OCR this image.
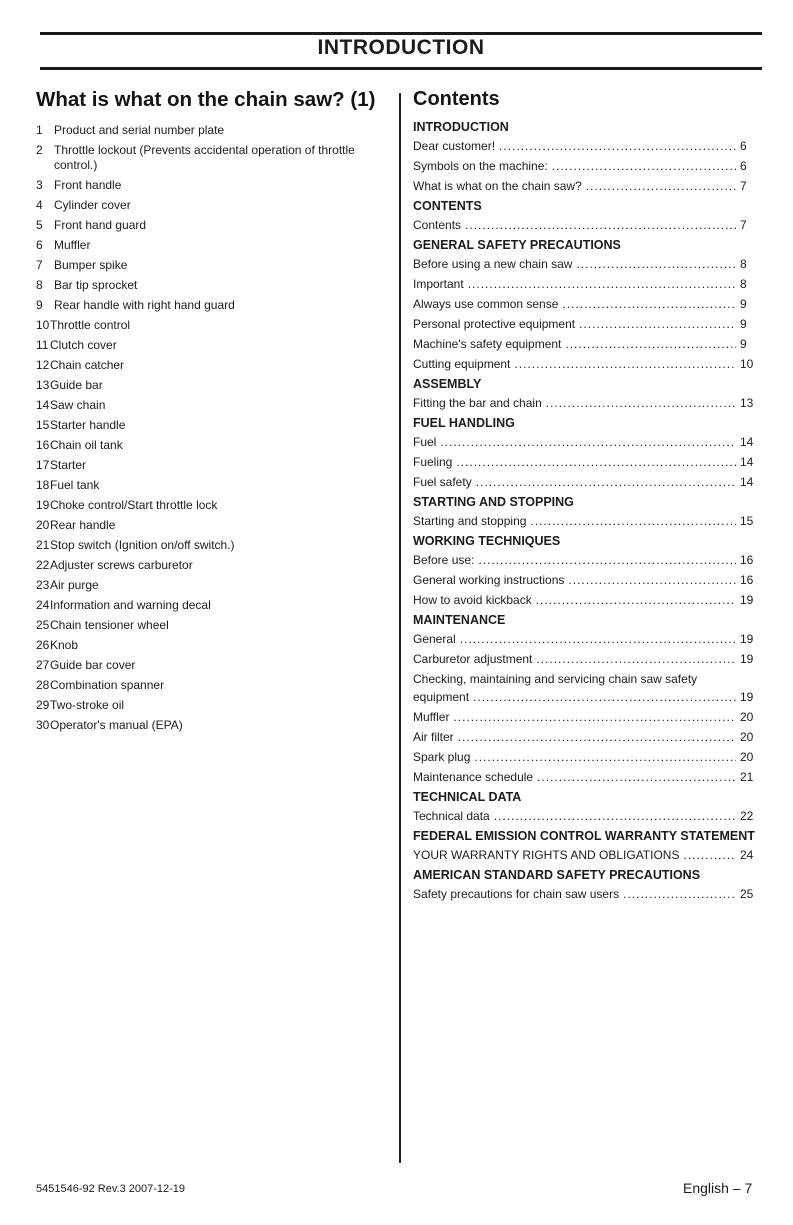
INTRODUCTION
What is what on the chain saw? (1)
1 Product and serial number plate
2 Throttle lockout (Prevents accidental operation of throttle control.)
3 Front handle
4 Cylinder cover
5 Front hand guard
6 Muffler
7 Bumper spike
8 Bar tip sprocket
9 Rear handle with right hand guard
10 Throttle control
11 Clutch cover
12 Chain catcher
13 Guide bar
14 Saw chain
15 Starter handle
16 Chain oil tank
17 Starter
18 Fuel tank
19 Choke control/Start throttle lock
20 Rear handle
21 Stop switch (Ignition on/off switch.)
22 Adjuster screws carburetor
23 Air purge
24 Information and warning decal
25 Chain tensioner wheel
26 Knob
27 Guide bar cover
28 Combination spanner
29 Two-stroke oil
30 Operator's manual (EPA)
Contents
INTRODUCTION
Dear customer! .....	6
Symbols on the machine: .....	6
What is what on the chain saw? .....	7
CONTENTS
Contents .....	7
GENERAL SAFETY PRECAUTIONS
Before using a new chain saw .....	8
Important .....	8
Always use common sense .....	9
Personal protective equipment .....	9
Machine's safety equipment .....	9
Cutting equipment .....	10
ASSEMBLY
Fitting the bar and chain .....	13
FUEL HANDLING
Fuel .....	14
Fueling .....	14
Fuel safety .....	14
STARTING AND STOPPING
Starting and stopping .....	15
WORKING TECHNIQUES
Before use: .....	16
General working instructions .....	16
How to avoid kickback .....	19
MAINTENANCE
General .....	19
Carburetor adjustment .....	19
Checking, maintaining and servicing chain saw safety
equipment .....	19
Muffler .....	20
Air filter .....	20
Spark plug .....	20
Maintenance schedule .....	21
TECHNICAL DATA
Technical data .....	22
FEDERAL EMISSION CONTROL WARRANTY STATEMENT
YOUR WARRANTY RIGHTS AND OBLIGATIONS .....	24
AMERICAN STANDARD SAFETY PRECAUTIONS
Safety precautions for chain saw users .....	25
5451546-92 Rev.3 2007-12-19	English – 7
